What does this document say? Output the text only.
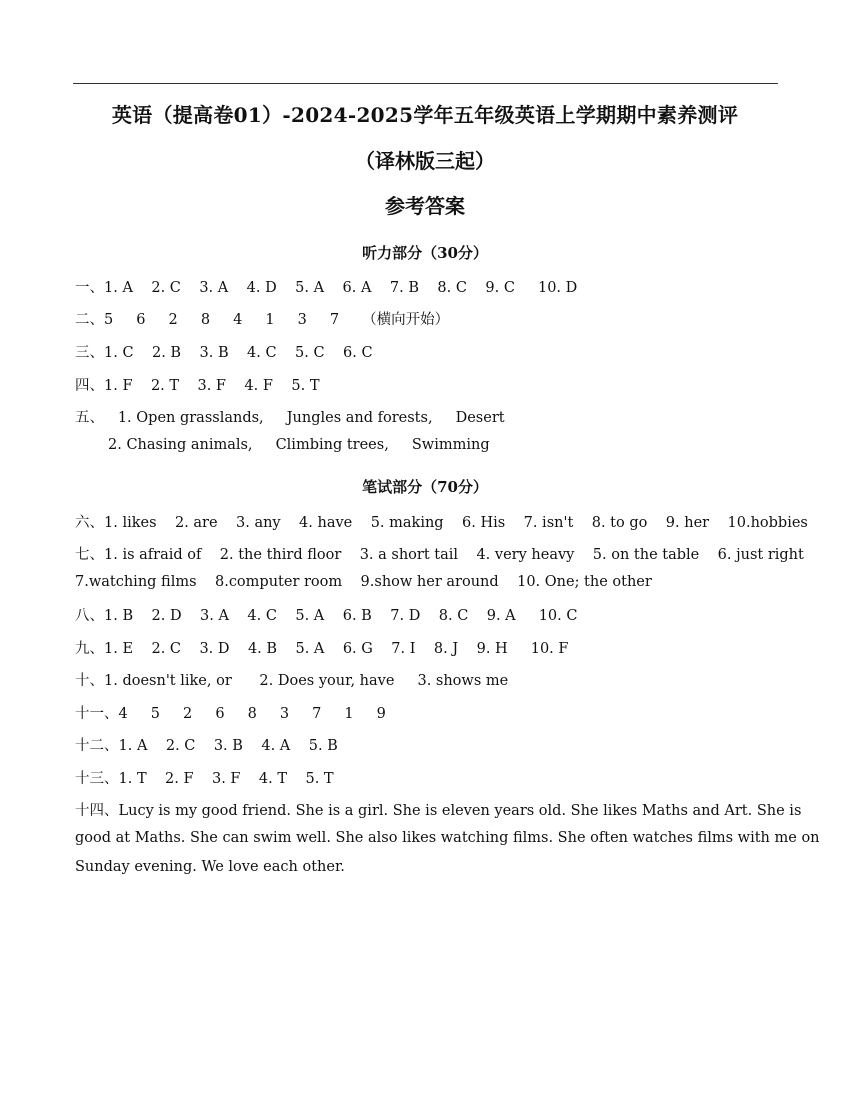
英语（提高卷01）-2024-2025学年五年级英语上学期期中素养测评
（译林版三起）
参考答案
听力部分（30分）
一、1. A    2. C    3. A    4. D    5. A    6. A    7. B    8. C    9. C     10. D
二、5     6     2     8     4     1     3     7     （横向开始）
三、1. C    2. B    3. B    4. C    5. C    6. C
四、1. F    2. T    3. F    4. F    5. T
五、   1. Open grasslands,     Jungles and forests,     Desert
2. Chasing animals,     Climbing trees,     Swimming
笔试部分（70分）
六、1. likes    2. are    3. any    4. have    5. making    6. His    7. isn't    8. to go    9. her    10.hobbies
七、1. is afraid of    2. the third floor    3. a short tail    4. very heavy    5. on the table    6. just right
7.watching films    8.computer room    9.show her around    10. One; the other
八、1. B    2. D    3. A    4. C    5. A    6. B    7. D    8. C    9. A     10. C
九、1. E    2. C    3. D    4. B    5. A    6. G    7. I    8. J    9. H     10. F
十、1. doesn't like, or      2. Does your, have     3. shows me
十一、4     5     2     6     8     3     7     1     9
十二、1. A    2. C    3. B    4. A    5. B
十三、1. T    2. F    3. F    4. T    5. T
十四、Lucy is my good friend. She is a girl. She is eleven years old. She likes Maths and Art. She is
good at Maths. She can swim well. She also likes watching films. She often watches films with me on
Sunday evening. We love each other.
